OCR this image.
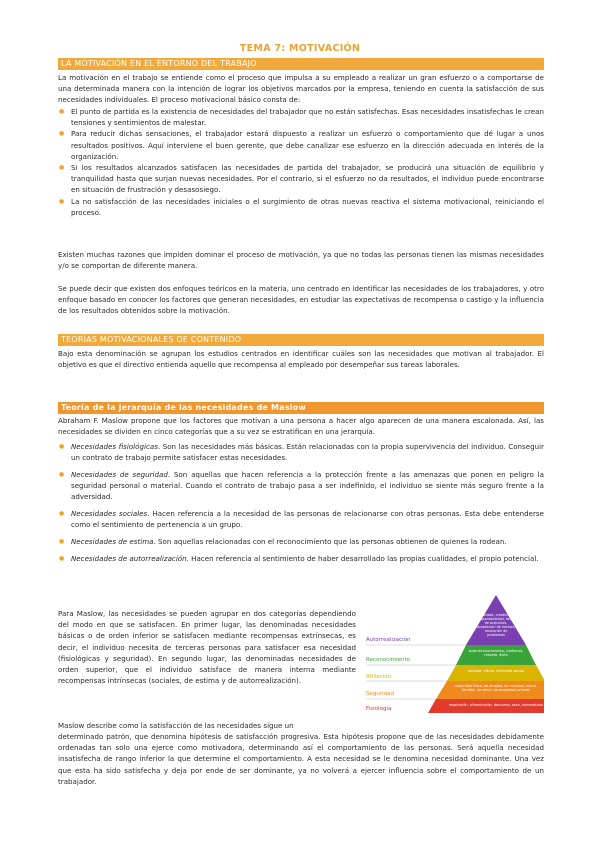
TEMA 7: MOTIVACIÓN
LA MOTIVACIÓN EN EL ENTORNO DEL TRABAJO

La motivación en el trabajo se entiende como el proceso que impulsa a su empleado a realizar un gran esfuerzo o a comportarse de una determinada manera con la intención de lograr los objetivos marcados por la empresa, teniendo en cuenta la satisfacción de sus necesidades individuales. El proceso motivacional básico consta de:

● El punto de partida es la existencia de necesidades del trabajador que no están satisfechas. Esas necesidades insatisfechas le crean tensiones y sentimientos de malestar.
● Para reducir dichas sensaciones, el trabajador estará dispuesto a realizar un esfuerzo o comportamiento que dé lugar a unos resultados positivos. Aquí interviene el buen gerente, que debe canalizar ese esfuerzo en la dirección adecuada en interés de la organización.
● Si los resultados alcanzados satisfacen las necesidades de partida del trabajador, se producirá una situación de equilibrio y tranquilidad hasta que surjan nuevas necesidades. Por el contrario, si el esfuerzo no da resultados, el individuo puede encontrarse en situación de frustración y desasosiego.
● La no satisfacción de las necesidades iniciales o el surgimiento de otras nuevas reactiva el sistema motivacional, reiniciando el proceso.

Existen muchas razones que impiden dominar el proceso de motivación, ya que no todas las personas tienen las mismas necesidades y/o se comportan de diferente manera.

Se puede decir que existen dos enfoques teóricos en la materia, uno centrado en identificar las necesidades de los trabajadores, y otro enfoque basado en conocer los factores que generan necesidades, en estudiar las expectativas de recompensa o castigo y la influencia de los resultados obtenidos sobre la motivación.

TEORÍAS MOTIVACIONALES DE CONTENIDO

Bajo esta denominación se agrupan los estudios centrados en identificar cuáles son las necesidades que motivan al trabajador. El objetivo es que el directivo entienda aquello que recompensa al empleado por desempeñar sus tareas laborales.

Teoría de la jerarquía de las necesidades de Maslow

Abraham F. Maslow propone que los factores que motivan a una persona a hacer algo aparecen de una manera escalonada. Así, las necesidades se dividen en cinco categorías que a su vez se estratifican en una jerarquía.

● Necesidades fisiológicas. Son las necesidades más básicas. Están relacionadas con la propia supervivencia del individuo. Conseguir un contrato de trabajo permite satisfacer estas necesidades.
● Necesidades de seguridad. Son aquellas que hacen referencia a la protección frente a las amenazas que ponen en peligro la seguridad personal o material. Cuando el contrato de trabajo pasa a ser indefinido, el individuo se siente más seguro frente a la adversidad.
● Necesidades sociales. Hacen referencia a la necesidad de las personas de relacionarse con otras personas. Esta debe entenderse como el sentimiento de pertenencia a un grupo.
● Necesidades de estima. Son aquellas relacionadas con el reconocimiento que las personas obtienen de quienes la rodean.
● Necesidades de autorrealización. Hacen referencia al sentimiento de haber desarrollado las propias cualidades, el propio potencial.

Para Maslow, las necesidades se pueden agrupar en dos categorías dependiendo del modo en que se satisfacen. En primer lugar, las denominadas necesidades básicas o de orden inferior se satisfacen mediante recompensas extrínsecas, es decir, el individuo necesita de terceras personas para satisfacer esa necesidad (fisiológicas y seguridad). En segundo lugar, las denominadas necesidades de orden superior, que el individuo satisface de manera interna mediante recompensas intrínsecas (sociales, de estima y de autorrealización).

moralidad, creatividad, espontaneidad, falta de prejuicios, aceptación de hechos, resolución de problemas
autorreconocimiento, confianza, respeto, éxito
amistad, afecto, intimidad sexual
seguridad física, de empleo, de recursos, moral, familiar, de salud, de propiedad privada
respiración, alimentación, descanso, sexo, homeostasis
Autorrealización
Reconocimiento
Afiliación
Seguridad
Fisiología

Maslow describe como la satisfacción de las necesidades sigue un

determinado patrón, que denomina hipótesis de satisfacción progresiva. Esta hipótesis propone que de las necesidades debidamente ordenadas tan solo una ejerce como motivadora, determinando así el comportamiento de las personas. Será aquella necesidad insatisfecha de rango inferior la que determine el comportamiento. A esta necesidad se le denomina necesidad dominante. Una vez que esta ha sido satisfecha y deja por ende de ser dominante, ya no volverá a ejercer influencia sobre el comportamiento de un trabajador.
